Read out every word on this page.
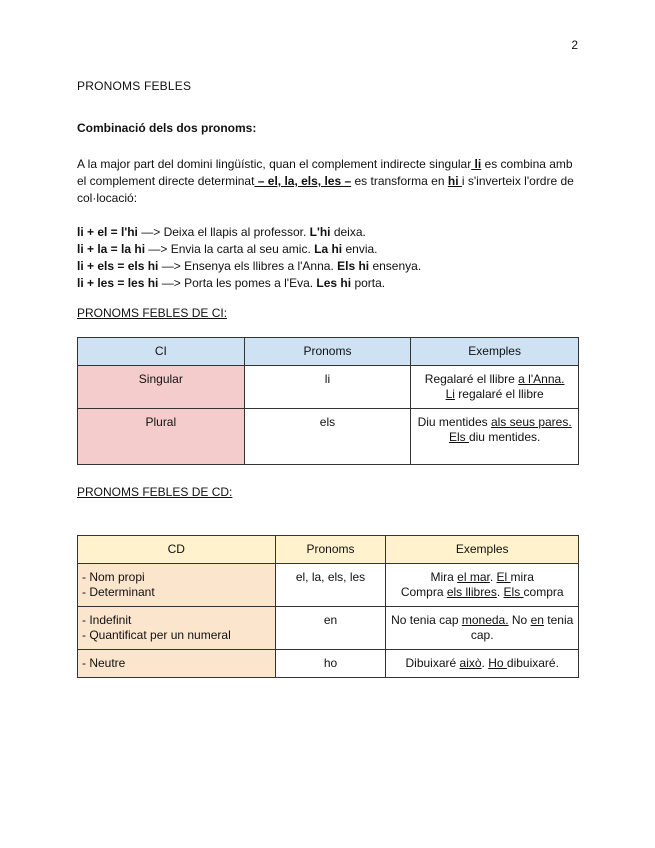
2

PRONOMS FEBLES

Combinació dels dos pronoms:

A la major part del domini lingüístic, quan el complement indirecte singular li es combina amb el complement directe determinat – el, la, els, les – es transforma en hi i s'inverteix l'ordre de col·locació:

li + el = l'hi —> Deixa el llapis al professor. L'hi deixa.
li + la = la hi —> Envia la carta al seu amic. La hi envia.
li + els = els hi —> Ensenya els llibres a l'Anna. Els hi ensenya.
li + les = les hi —> Porta les pomes a l'Eva. Les hi porta.

PRONOMS FEBLES DE CI:

CI	Pronoms	Exemples
Singular	li	Regalaré el llibre a l'Anna.
Li regalaré el llibre
Plural	els	Diu mentides als seus pares.
Els diu mentides.

PRONOMS FEBLES DE CD:

CD	Pronoms	Exemples
- Nom propi
- Determinant	el, la, els, les	Mira el mar. El mira
Compra els llibres. Els compra
- Indefinit
- Quantificat per un numeral	en	No tenia cap moneda. No en tenia cap.
- Neutre	ho	Dibuixaré això. Ho dibuixaré.
